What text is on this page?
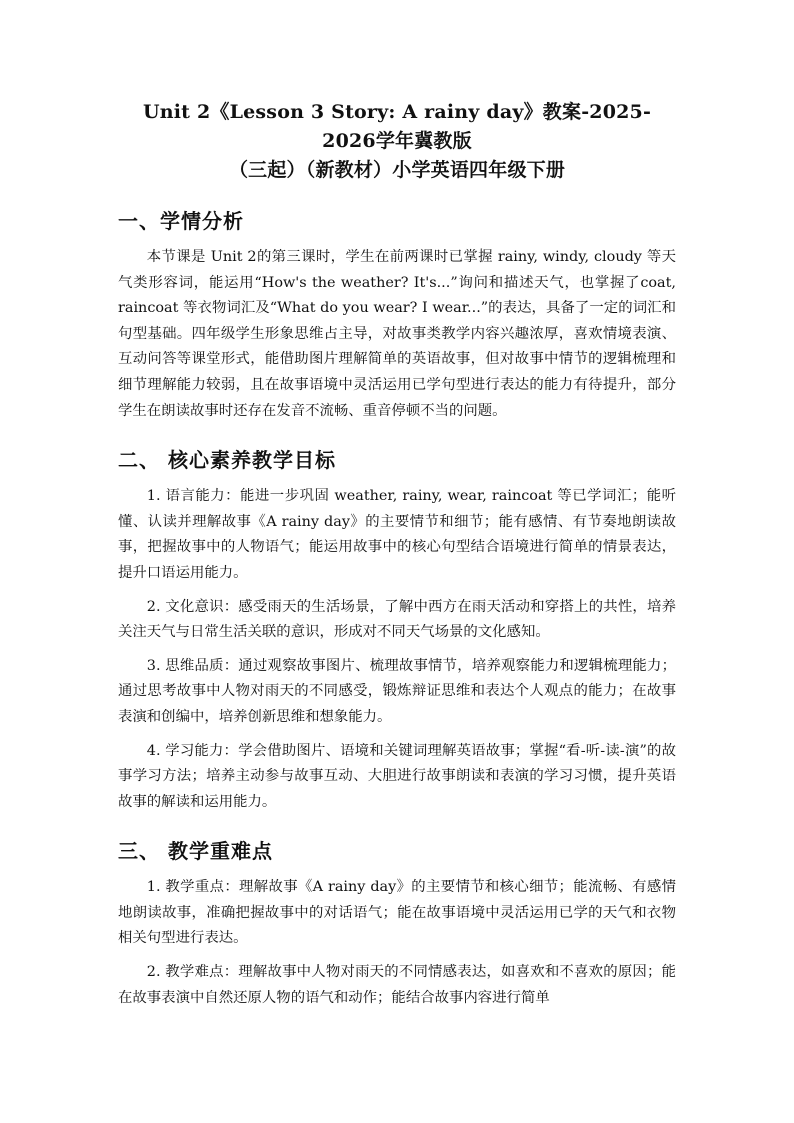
Unit 2《Lesson 3 Story: A rainy day》教案-2025-2026学年冀教版
（三起）（新教材）小学英语四年级下册
一、学情分析

本节课是 Unit 2的第三课时，学生在前两课时已掌握 rainy, windy, cloudy 等天气类形容词，能运用“How's the weather? It's...”询问和描述天气，也掌握了coat, raincoat 等衣物词汇及“What do you wear? I wear...”的表达，具备了一定的词汇和句型基础。四年级学生形象思维占主导，对故事类教学内容兴趣浓厚，喜欢情境表演、互动问答等课堂形式，能借助图片理解简单的英语故事，但对故事中情节的逻辑梳理和细节理解能力较弱，且在故事语境中灵活运用已学句型进行表达的能力有待提升，部分学生在朗读故事时还存在发音不流畅、重音停顿不当的问题。

二、 核心素养教学目标

1. 语言能力：能进一步巩固 weather, rainy, wear, raincoat 等已学词汇；能听懂、认读并理解故事《A rainy day》的主要情节和细节；能有感情、有节奏地朗读故事，把握故事中的人物语气；能运用故事中的核心句型结合语境进行简单的情景表达，提升口语运用能力。

2. 文化意识：感受雨天的生活场景，了解中西方在雨天活动和穿搭上的共性，培养关注天气与日常生活关联的意识，形成对不同天气场景的文化感知。

3. 思维品质：通过观察故事图片、梳理故事情节，培养观察能力和逻辑梳理能力；通过思考故事中人物对雨天的不同感受，锻炼辩证思维和表达个人观点的能力；在故事表演和创编中，培养创新思维和想象能力。

4. 学习能力：学会借助图片、语境和关键词理解英语故事；掌握“看-听-读-演”的故事学习方法；培养主动参与故事互动、大胆进行故事朗读和表演的学习习惯，提升英语故事的解读和运用能力。

三、 教学重难点

1. 教学重点：理解故事《A rainy day》的主要情节和核心细节；能流畅、有感情地朗读故事，准确把握故事中的对话语气；能在故事语境中灵活运用已学的天气和衣物相关句型进行表达。

2. 教学难点：理解故事中人物对雨天的不同情感表达，如喜欢和不喜欢的原因；能在故事表演中自然还原人物的语气和动作；能结合故事内容进行简单
